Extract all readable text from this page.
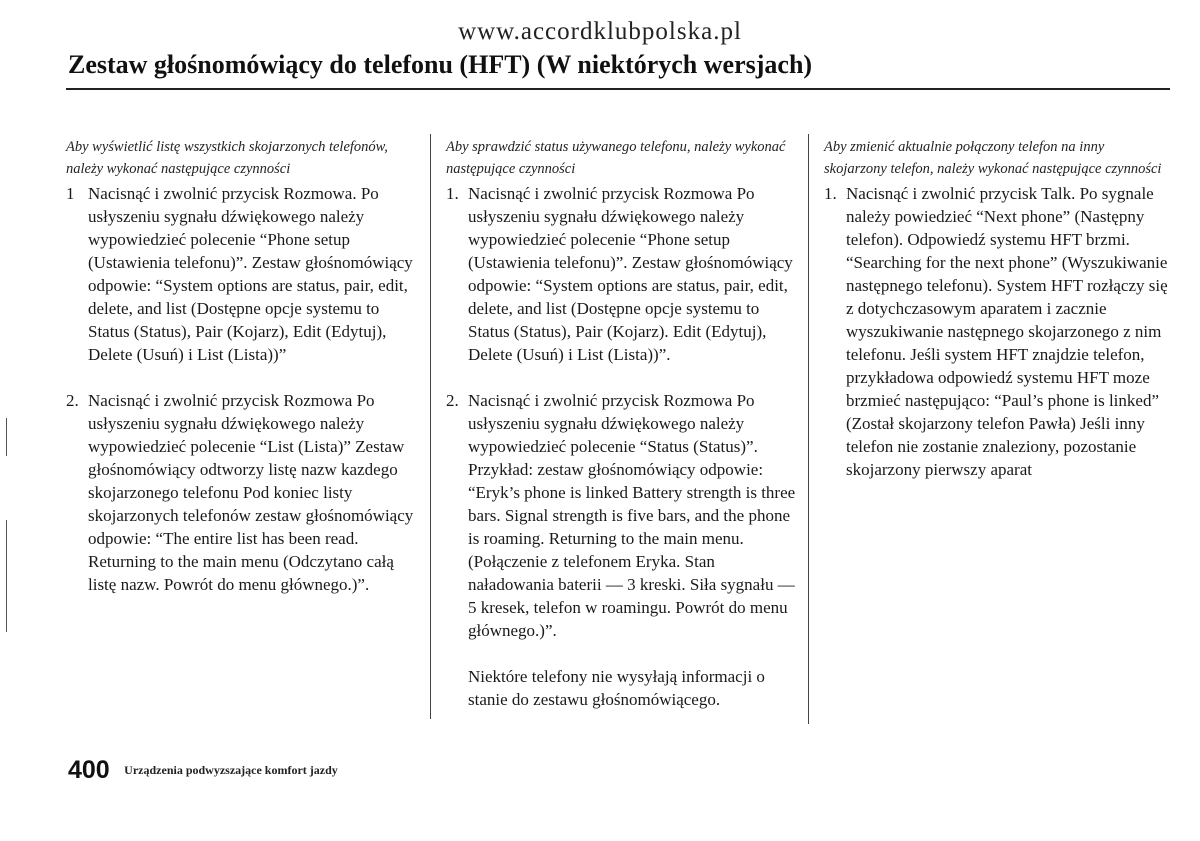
www.accordklubpolska.pl
Zestaw głośnomówiący do telefonu (HFT) (W niektórych wersjach)

Aby wyświetlić listę wszystkich skojarzonych telefonów, należy wykonać następujące czynności

1 Nacisnąć i zwolnić przycisk Rozmowa. Po usłyszeniu sygnału dźwiękowego należy wypowiedzieć polecenie “Phone setup (Ustawienia telefonu)”. Zestaw głośnomówiący odpowie: “System options are status, pair, edit, delete, and list (Dostępne opcje systemu to Status (Status), Pair (Kojarz), Edit (Edytuj), Delete (Usuń) i List (Lista))”
2. Nacisnąć i zwolnić przycisk Rozmowa Po usłyszeniu sygnału dźwiękowego należy wypowiedzieć polecenie “List (Lista)” Zestaw głośnomówiący odtworzy listę nazw kazdego skojarzonego telefonu Pod koniec listy skojarzonych telefonów zestaw głośnomówiący odpowie: “The entire list has been read. Returning to the main menu (Odczytano całą listę nazw. Powrót do menu głównego.)”.

Aby sprawdzić status używanego telefonu, należy wykonać następujące czynności

1. Nacisnąć i zwolnić przycisk Rozmowa Po usłyszeniu sygnału dźwiękowego należy wypowiedzieć polecenie “Phone setup (Ustawienia telefonu)”. Zestaw głośnomówiący odpowie: “System options are status, pair, edit, delete, and list (Dostępne opcje systemu to Status (Status), Pair (Kojarz). Edit (Edytuj), Delete (Usuń) i List (Lista))”.
2. Nacisnąć i zwolnić przycisk Rozmowa Po usłyszeniu sygnału dźwiękowego należy wypowiedzieć polecenie “Status (Status)”. Przykład: zestaw głośnomówiący odpowie: “Eryk’s phone is linked Battery strength is three bars. Signal strength is five bars, and the phone is roaming. Returning to the main menu. (Połączenie z telefonem Eryka. Stan naładowania baterii — 3 kreski. Siła sygnału — 5 kresek, telefon w roamingu. Powrót do menu głównego.)”.
Niektóre telefony nie wysyłają informacji o stanie do zestawu głośnomówiącego.

Aby zmienić aktualnie połączony telefon na inny skojarzony telefon, należy wykonać następujące czynności

1. Nacisnąć i zwolnić przycisk Talk. Po sygnale należy powiedzieć “Next phone” (Następny telefon). Odpowiedź systemu HFT brzmi. “Searching for the next phone” (Wyszukiwanie następnego telefonu). System HFT rozłączy się z dotychczasowym aparatem i zacznie wyszukiwanie następnego skojarzonego z nim telefonu. Jeśli system HFT znajdzie telefon, przykładowa odpowiedź systemu HFT moze brzmieć następująco: “Paul’s phone is linked” (Został skojarzony telefon Pawła) Jeśli inny telefon nie zostanie znaleziony, pozostanie skojarzony pierwszy aparat
400 Urządzenia podwyzszające komfort jazdy
